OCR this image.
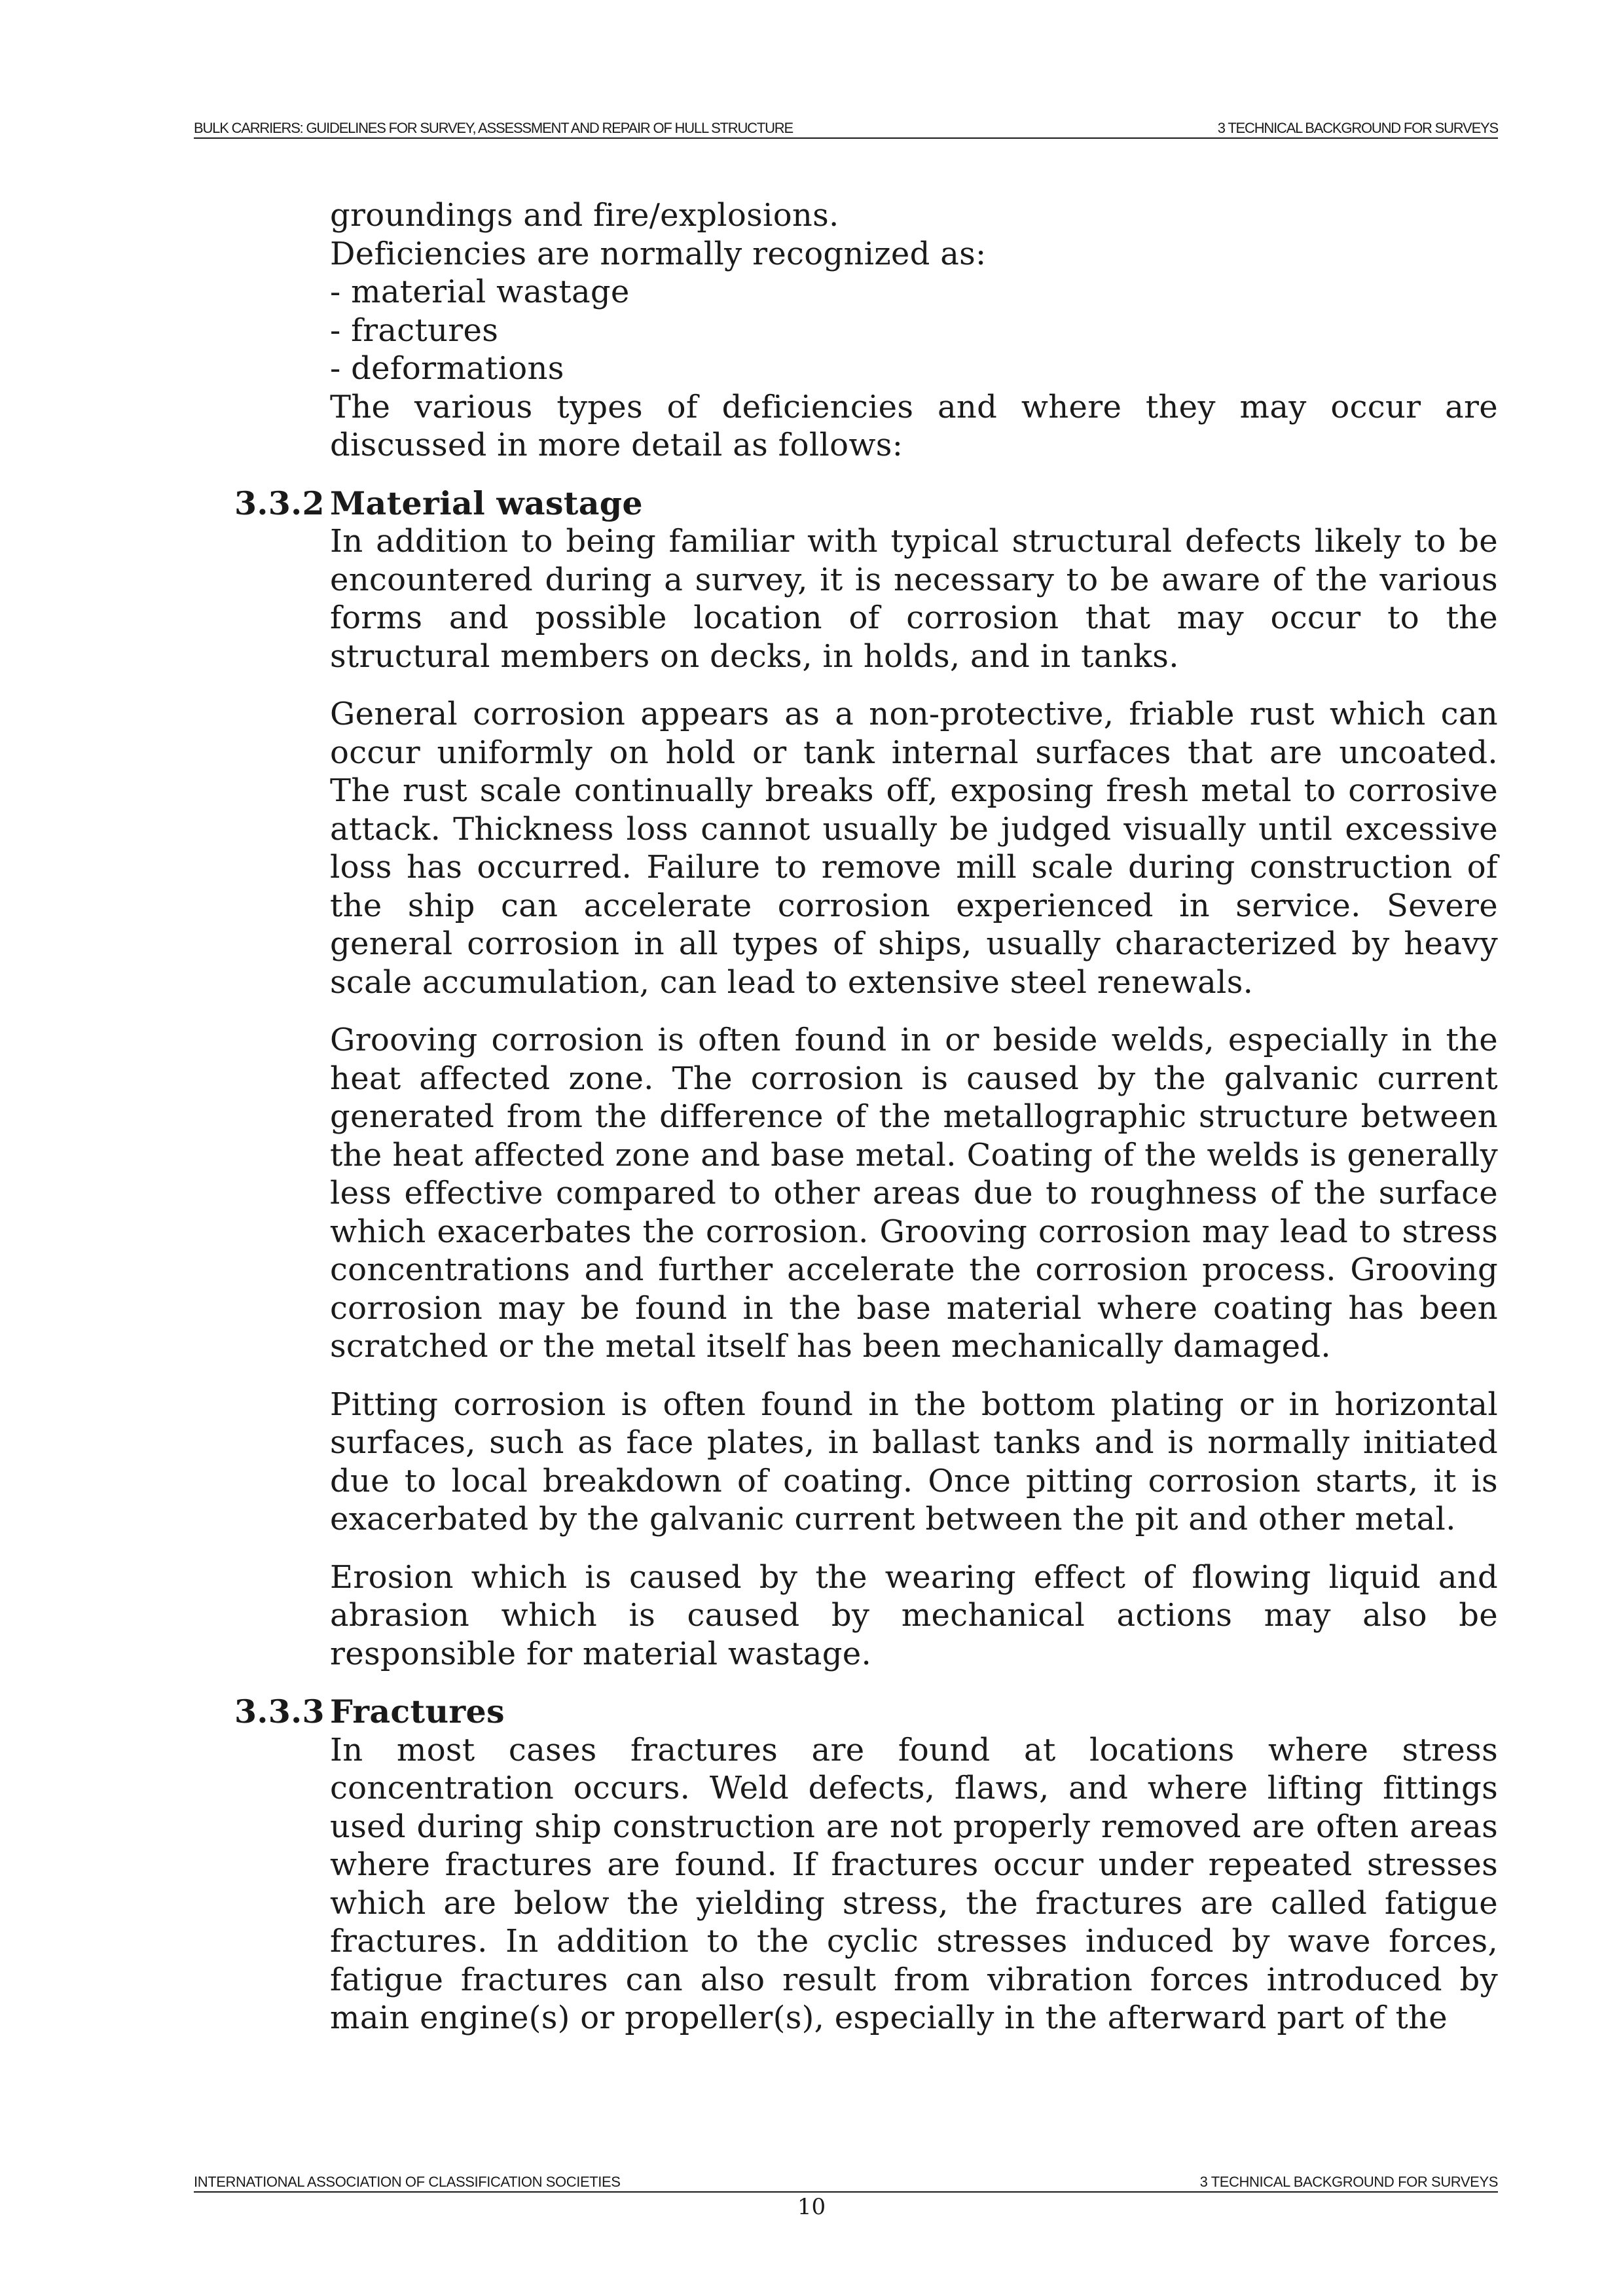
BULK CARRIERS: GUIDELINES FOR SURVEY, ASSESSMENT AND REPAIR OF HULL STRUCTURE	3 TECHNICAL BACKGROUND FOR SURVEYS
groundings and fire/explosions.
Deficiencies are normally recognized as:
- material wastage
- fractures
- deformations

The various types of deficiencies and where they may occur are discussed in more detail as follows:

3.3.2 Material wastage

In addition to being familiar with typical structural defects likely to be encountered during a survey, it is necessary to be aware of the various forms and possible location of corrosion that may occur to the structural members on decks, in holds, and in tanks.

General corrosion appears as a non-protective, friable rust which can occur uniformly on hold or tank internal surfaces that are uncoated. The rust scale continually breaks off, exposing fresh metal to corrosive attack. Thickness loss cannot usually be judged visually until excessive loss has occurred. Failure to remove mill scale during construction of the ship can accelerate corrosion experienced in service. Severe general corrosion in all types of ships, usually characterized by heavy scale accumulation, can lead to extensive steel renewals.

Grooving corrosion is often found in or beside welds, especially in the heat affected zone. The corrosion is caused by the galvanic current generated from the difference of the metallographic structure between the heat affected zone and base metal. Coating of the welds is generally less effective compared to other areas due to roughness of the surface which exacerbates the corrosion. Grooving corrosion may lead to stress concentrations and further accelerate the corrosion process. Grooving corrosion may be found in the base material where coating has been scratched or the metal itself has been mechanically damaged.

Pitting corrosion is often found in the bottom plating or in horizontal surfaces, such as face plates, in ballast tanks and is normally initiated due to local breakdown of coating. Once pitting corrosion starts, it is exacerbated by the galvanic current between the pit and other metal.

Erosion which is caused by the wearing effect of flowing liquid and abrasion which is caused by mechanical actions may also be responsible for material wastage.

3.3.3 Fractures

In most cases fractures are found at locations where stress concentration occurs. Weld defects, flaws, and where lifting fittings used during ship construction are not properly removed are often areas where fractures are found. If fractures occur under repeated stresses which are below the yielding stress, the fractures are called fatigue fractures. In addition to the cyclic stresses induced by wave forces, fatigue fractures can also result from vibration forces introduced by main engine(s) or propeller(s), especially in the afterward part of the

INTERNATIONAL ASSOCIATION OF CLASSIFICATION SOCIETIES	3 TECHNICAL BACKGROUND FOR SURVEYS
10
